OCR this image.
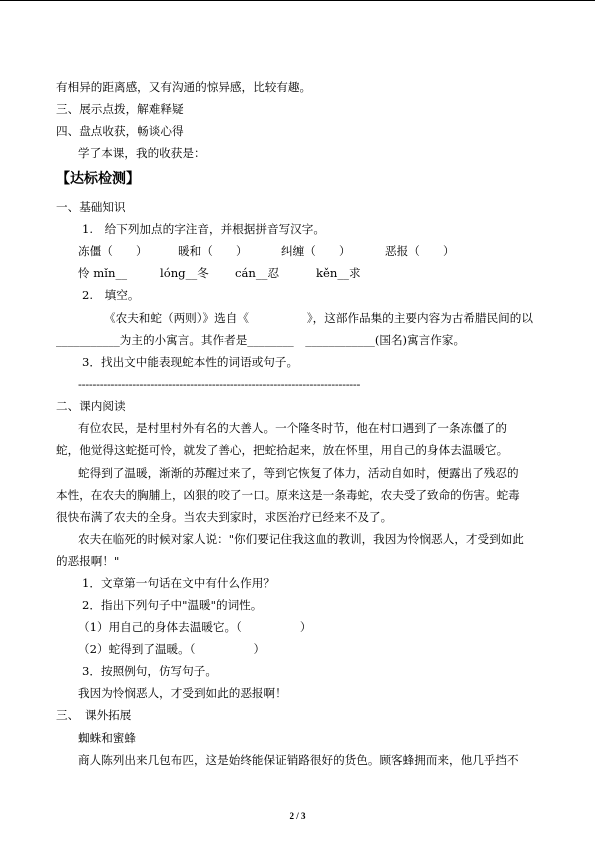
有相异的距离感，又有沟通的惊异感，比较有趣。
三、展示点拨，解难释疑
四、盘点收获，畅谈心得
学了本课，我的收获是：
【达标检测】
一、基础知识
1.　给下列加点的字注音，并根据拼音写汉字。
冻僵（　　）	暖和（　　）	纠缠（　　）	恶报（　　）
怜 mǐn__	lóng__冬 cán__忍	kěn__求
2.　填空。
《农夫和蛇（两则）》选自《　　　　　》，这部作品集的主要内容为古希腊民间的以
___________为主的小寓言。其作者是________　____________(国名)寓言作家。
3．找出文中能表现蛇本性的词语或句子。
------------------------------------------------------------------------------
二、课内阅读
有位农民，是村里村外有名的大善人。一个隆冬时节，他在村口遇到了一条冻僵了的
蛇，他觉得这蛇挺可怜，就发了善心，把蛇拾起来，放在怀里，用自己的身体去温暖它。
蛇得到了温暖，渐渐的苏醒过来了，等到它恢复了体力，活动自如时，便露出了残忍的
本性，在农夫的胸脯上，凶狠的咬了一口。原来这是一条毒蛇，农夫受了致命的伤害。蛇毒
很快布满了农夫的全身。当农夫到家时，求医治疗已经来不及了。
农夫在临死的时候对家人说："你们要记住我这血的教训，我因为怜悯恶人，才受到如此
的恶报啊！"
1．文章第一句话在文中有什么作用？
2．指出下列句子中"温暖"的词性。
（1）用自己的身体去温暖它。（　　　　　）
（2）蛇得到了温暖。（　　　　　）
3．按照例句，仿写句子。
我因为怜悯恶人，才受到如此的恶报啊！
三、　课外拓展
蜘蛛和蜜蜂
商人陈列出来几包布匹，这是始终能保证销路很好的货色。顾客蜂拥而来，他几乎挡不
2 / 3
